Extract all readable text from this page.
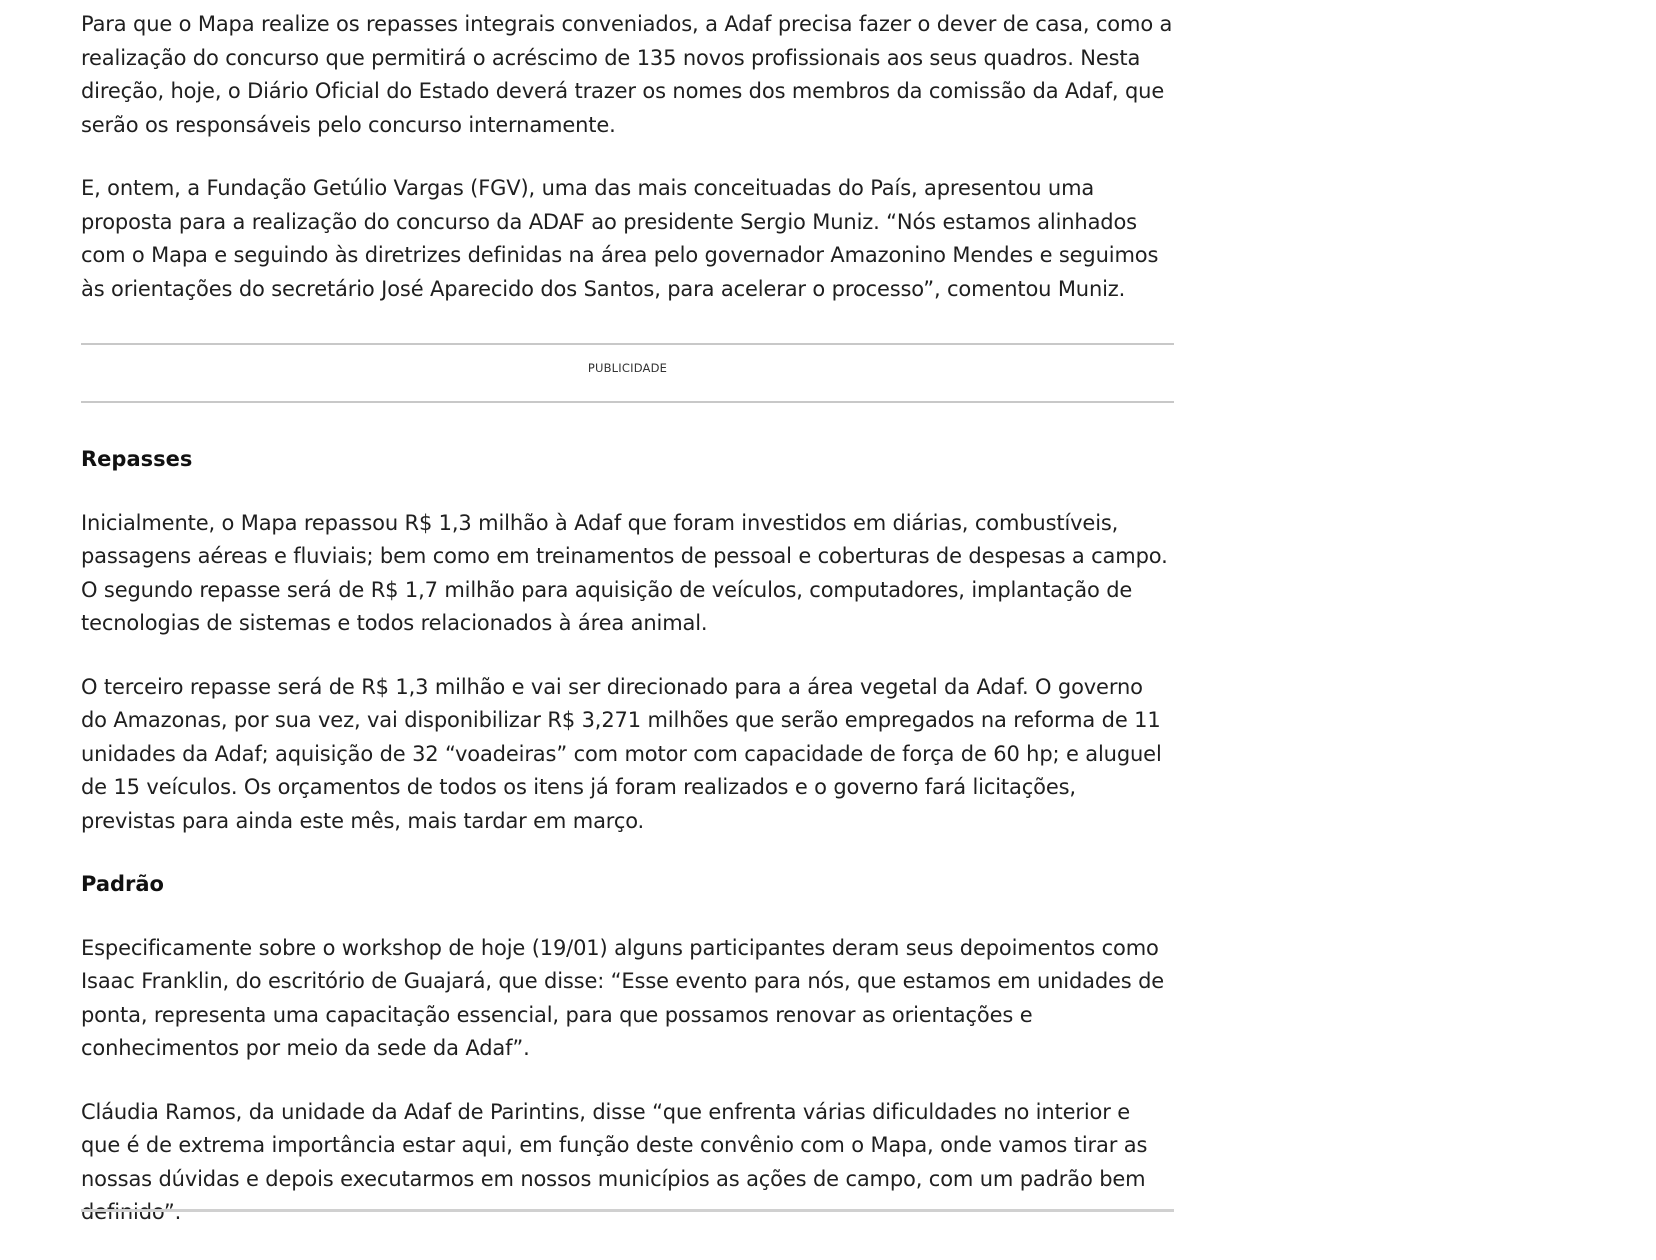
Para que o Mapa realize os repasses integrais conveniados, a Adaf precisa fazer o dever de casa, como a realização do concurso que permitirá o acréscimo de 135 novos profissionais aos seus quadros. Nesta direção, hoje, o Diário Oficial do Estado deverá trazer os nomes dos membros da comissão da Adaf, que serão os responsáveis pelo concurso internamente.

E, ontem, a Fundação Getúlio Vargas (FGV), uma das mais conceituadas do País, apresentou uma proposta para a realização do concurso da ADAF ao presidente Sergio Muniz. “Nós estamos alinhados com o Mapa e seguindo às diretrizes definidas na área pelo governador Amazonino Mendes e seguimos às orientações do secretário José Aparecido dos Santos, para acelerar o processo”, comentou Muniz.

PUBLICIDADE
Repasses

Inicialmente, o Mapa repassou R$ 1,3 milhão à Adaf que foram investidos em diárias, combustíveis, passagens aéreas e fluviais; bem como em treinamentos de pessoal e coberturas de despesas a campo. O segundo repasse será de R$ 1,7 milhão para aquisição de veículos, computadores, implantação de tecnologias de sistemas e todos relacionados à área animal.

O terceiro repasse será de R$ 1,3 milhão e vai ser direcionado para a área vegetal da Adaf. O governo do Amazonas, por sua vez, vai disponibilizar R$ 3,271 milhões que serão empregados na reforma de 11 unidades da Adaf; aquisição de 32 “voadeiras” com motor com capacidade de força de 60 hp; e aluguel de 15 veículos. Os orçamentos de todos os itens já foram realizados e o governo fará licitações, previstas para ainda este mês, mais tardar em março.

Padrão

Especificamente sobre o workshop de hoje (19/01) alguns participantes deram seus depoimentos como Isaac Franklin, do escritório de Guajará, que disse: “Esse evento para nós, que estamos em unidades de ponta, representa uma capacitação essencial, para que possamos renovar as orientações e conhecimentos por meio da sede da Adaf”.

Cláudia Ramos, da unidade da Adaf de Parintins, disse “que enfrenta várias dificuldades no interior e que é de extrema importância estar aqui, em função deste convênio com o Mapa, onde vamos tirar as nossas dúvidas e depois executarmos em nossos municípios as ações de campo, com um padrão bem definido”.
